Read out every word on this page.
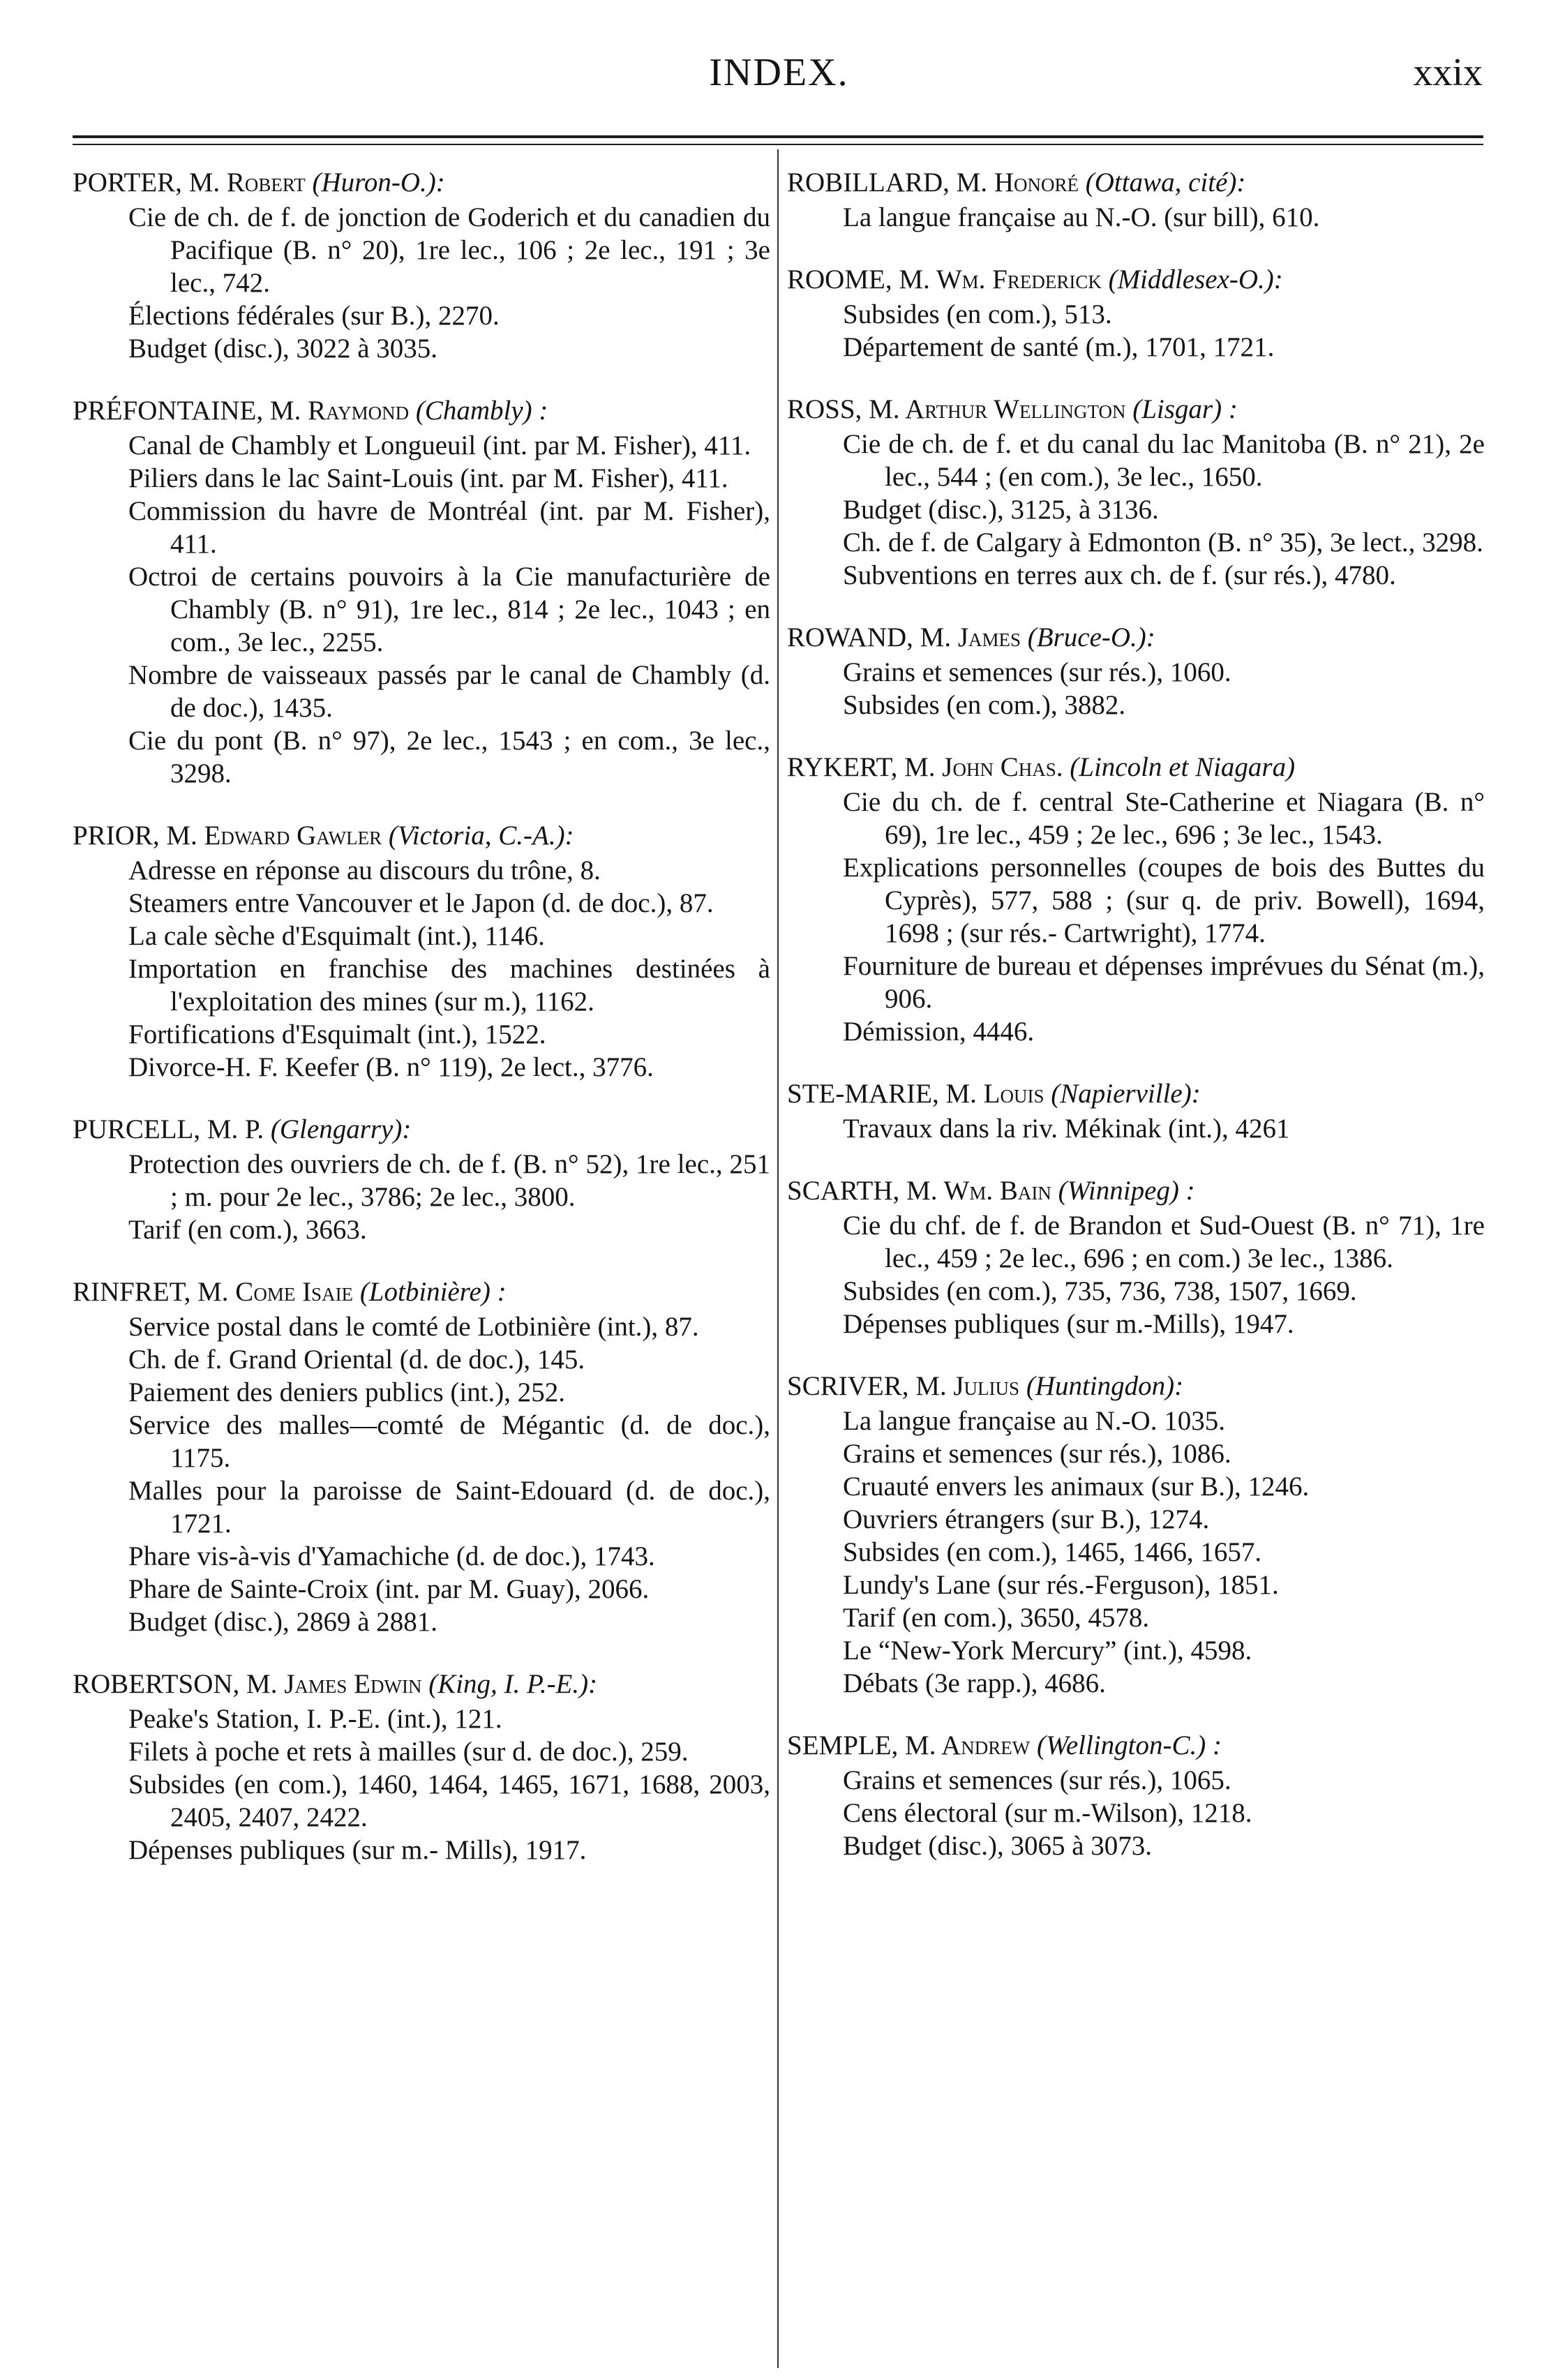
INDEX.	xxix

PORTER, M. Robert (Huron-O.):

Cie de ch. de f. de jonction de Goderich et du canadien du Pacifique (B. n° 20), 1re lec., 106 ; 2e lec., 191 ; 3e lec., 742.

Élections fédérales (sur B.), 2270.

Budget (disc.), 3022 à 3035.

PRÉFONTAINE, M. Raymond (Chambly) :

Canal de Chambly et Longueuil (int. par M. Fisher), 411.

Piliers dans le lac Saint-Louis (int. par M. Fisher), 411.

Commission du havre de Montréal (int. par M. Fisher), 411.

Octroi de certains pouvoirs à la Cie manufacturière de Chambly (B. n° 91), 1re lec., 814 ; 2e lec., 1043 ; en com., 3e lec., 2255.

Nombre de vaisseaux passés par le canal de Chambly (d. de doc.), 1435.

Cie du pont (B. n° 97), 2e lec., 1543 ; en com., 3e lec., 3298.

PRIOR, M. Edward Gawler (Victoria, C.-A.):

Adresse en réponse au discours du trône, 8.

Steamers entre Vancouver et le Japon (d. de doc.), 87.

La cale sèche d'Esquimalt (int.), 1146.

Importation en franchise des machines destinées à l'exploitation des mines (sur m.), 1162.

Fortifications d'Esquimalt (int.), 1522.

Divorce-H. F. Keefer (B. n° 119), 2e lect., 3776.

PURCELL, M. P. (Glengarry):

Protection des ouvriers de ch. de f. (B. n° 52), 1re lec., 251 ; m. pour 2e lec., 3786; 2e lec., 3800.

Tarif (en com.), 3663.

RINFRET, M. Come Isaie (Lotbinière) :

Service postal dans le comté de Lotbinière (int.), 87.

Ch. de f. Grand Oriental (d. de doc.), 145.

Paiement des deniers publics (int.), 252.

Service des malles—comté de Mégantic (d. de doc.), 1175.

Malles pour la paroisse de Saint-Edouard (d. de doc.), 1721.

Phare vis-à-vis d'Yamachiche (d. de doc.), 1743.

Phare de Sainte-Croix (int. par M. Guay), 2066.

Budget (disc.), 2869 à 2881.

ROBERTSON, M. James Edwin (King, I. P.-E.):

Peake's Station, I. P.-E. (int.), 121.

Filets à poche et rets à mailles (sur d. de doc.), 259.

Subsides (en com.), 1460, 1464, 1465, 1671, 1688, 2003, 2405, 2407, 2422.

Dépenses publiques (sur m.- Mills), 1917.

ROBILLARD, M. Honoré (Ottawa, cité):

La langue française au N.-O. (sur bill), 610.

ROOME, M. Wm. Frederick (Middlesex-O.):

Subsides (en com.), 513.

Département de santé (m.), 1701, 1721.

ROSS, M. Arthur Wellington (Lisgar) :

Cie de ch. de f. et du canal du lac Manitoba (B. n° 21), 2e lec., 544 ; (en com.), 3e lec., 1650.

Budget (disc.), 3125, à 3136.

Ch. de f. de Calgary à Edmonton (B. n° 35), 3e lect., 3298.

Subventions en terres aux ch. de f. (sur rés.), 4780.

ROWAND, M. James (Bruce-O.):

Grains et semences (sur rés.), 1060.

Subsides (en com.), 3882.

RYKERT, M. John Chas. (Lincoln et Niagara)

Cie du ch. de f. central Ste-Catherine et Niagara (B. n° 69), 1re lec., 459 ; 2e lec., 696 ; 3e lec., 1543.

Explications personnelles (coupes de bois des Buttes du Cyprès), 577, 588 ; (sur q. de priv. Bowell), 1694, 1698 ; (sur rés.- Cartwright), 1774.

Fourniture de bureau et dépenses imprévues du Sénat (m.), 906.

Démission, 4446.

STE-MARIE, M. Louis (Napierville):

Travaux dans la riv. Mékinak (int.), 4261

SCARTH, M. Wm. Bain (Winnipeg) :

Cie du chf. de f. de Brandon et Sud-Ouest (B. n° 71), 1re lec., 459 ; 2e lec., 696 ; en com.) 3e lec., 1386.

Subsides (en com.), 735, 736, 738, 1507, 1669.

Dépenses publiques (sur m.-Mills), 1947.

SCRIVER, M. Julius (Huntingdon):

La langue française au N.-O. 1035.

Grains et semences (sur rés.), 1086.

Cruauté envers les animaux (sur B.), 1246.

Ouvriers étrangers (sur B.), 1274.

Subsides (en com.), 1465, 1466, 1657.

Lundy's Lane (sur rés.-Ferguson), 1851.

Tarif (en com.), 3650, 4578.

Le “New-York Mercury” (int.), 4598.

Débats (3e rapp.), 4686.

SEMPLE, M. Andrew (Wellington-C.) :

Grains et semences (sur rés.), 1065.

Cens électoral (sur m.-Wilson), 1218.

Budget (disc.), 3065 à 3073.
